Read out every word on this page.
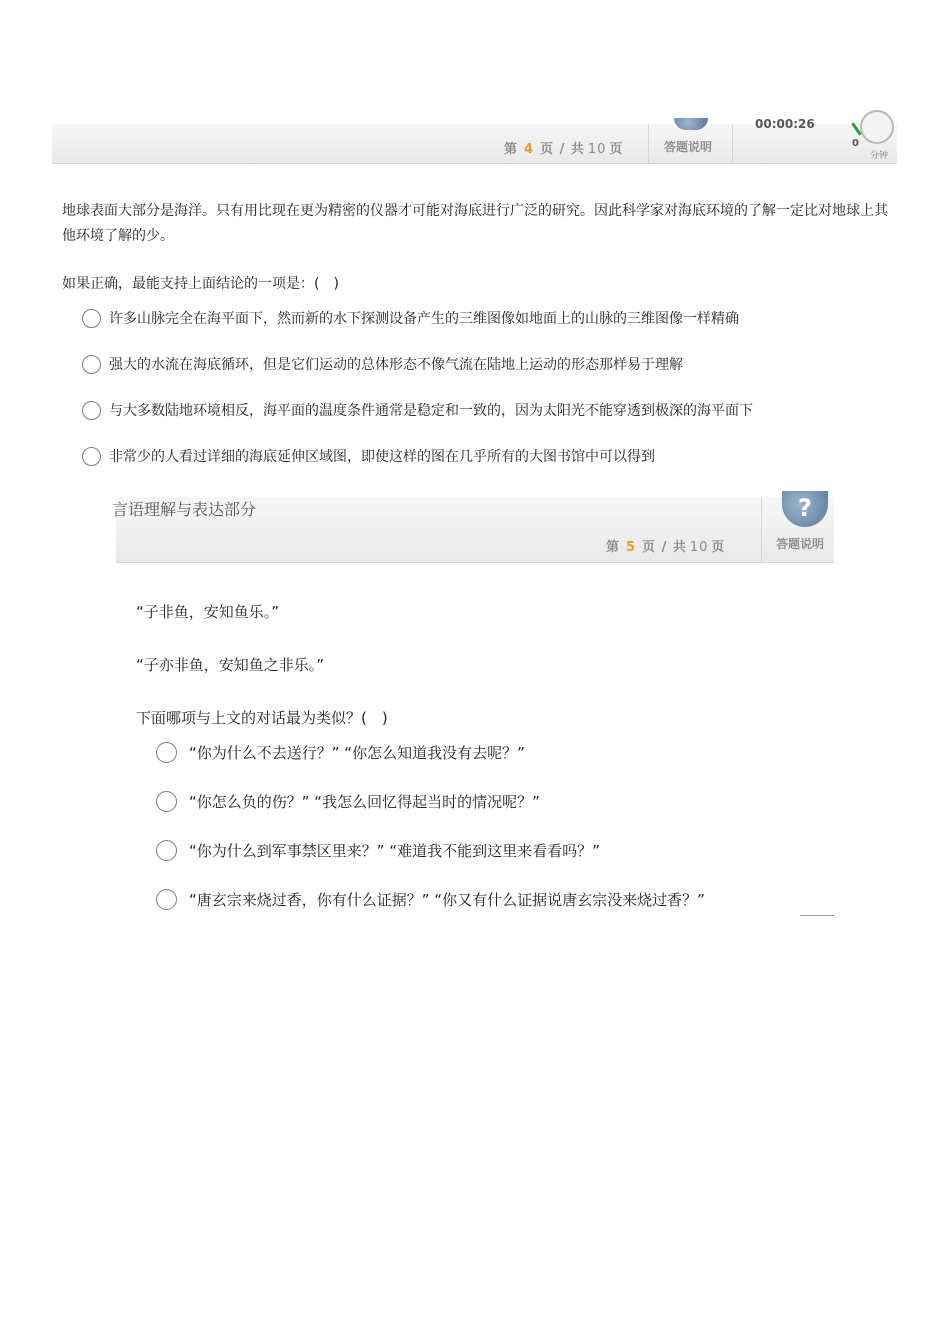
第 4 页 / 共 10 页	答题说明
00:00:26
0
分钟
地球表面大部分是海洋。只有用比现在更为精密的仪器才可能对海底进行广泛的研究。因此科学家对海底环境的了解一定比对地球上其他环境了解的少。
如果正确，最能支持上面结论的一项是：(　)
许多山脉完全在海平面下，然而新的水下探测设备产生的三维图像如地面上的山脉的三维图像一样精确
强大的水流在海底循环，但是它们运动的总体形态不像气流在陆地上运动的形态那样易于理解
与大多数陆地环境相反，海平面的温度条件通常是稳定和一致的，因为太阳光不能穿透到极深的海平面下
非常少的人看过详细的海底延伸区域图，即使这样的图在几乎所有的大图书馆中可以得到
言语理解与表达部分
第 5 页 / 共 10 页
?
答题说明
“子非鱼，安知鱼乐。”
“子亦非鱼，安知鱼之非乐。”
下面哪项与上文的对话最为类似？(　)
“你为什么不去送行？” “你怎么知道我没有去呢？”
“你怎么负的伤？” “我怎么回忆得起当时的情况呢？”
“你为什么到军事禁区里来？” “难道我不能到这里来看看吗？”
“唐玄宗来烧过香，你有什么证据？” “你又有什么证据说唐玄宗没来烧过香？”
